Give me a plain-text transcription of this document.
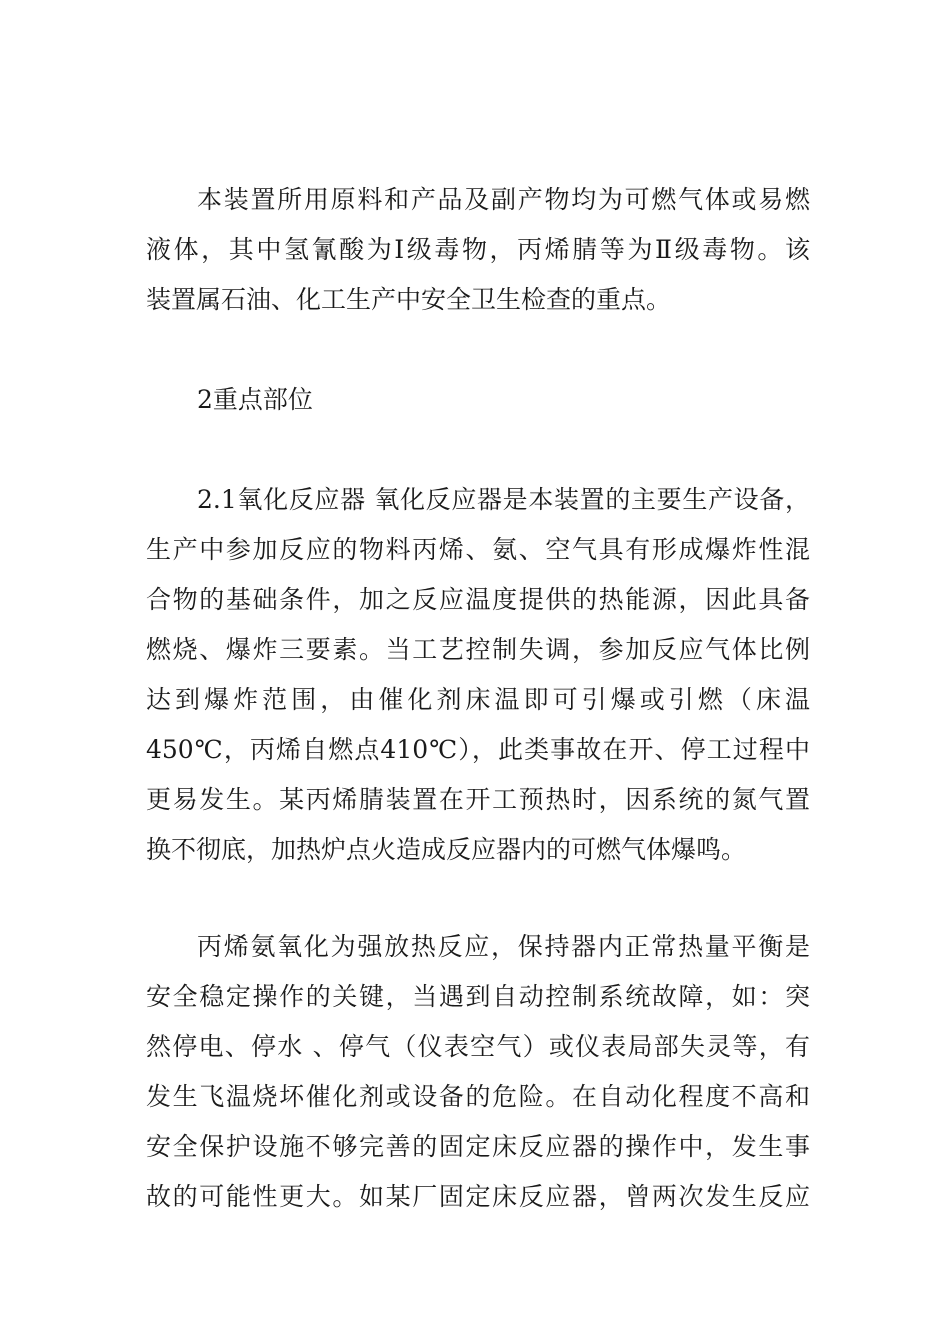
本装置所用原料和产品及副产物均为可燃气体或易燃
液体，其中氢氰酸为Ⅰ级毒物，丙烯腈等为Ⅱ级毒物。该
装置属石油、化工生产中安全卫生检查的重点。
2重点部位
2.1氧化反应器 氧化反应器是本装置的主要生产设备，
生产中参加反应的物料丙烯、氨、空气具有形成爆炸性混
合物的基础条件，加之反应温度提供的热能源，因此具备
燃烧、爆炸三要素。当工艺控制失调，参加反应气体比例
达到爆炸范围，由催化剂床温即可引爆或引燃（床温
450℃，丙烯自燃点410℃），此类事故在开、停工过程中
更易发生。某丙烯腈装置在开工预热时，因系统的氮气置
换不彻底，加热炉点火造成反应器内的可燃气体爆鸣。
丙烯氨氧化为强放热反应，保持器内正常热量平衡是
安全稳定操作的关键，当遇到自动控制系统故障，如：突
然停电、停水 、停气（仪表空气）或仪表局部失灵等，有
发生飞温烧坏催化剂或设备的危险。在自动化程度不高和
安全保护设施不够完善的固定床反应器的操作中，发生事
故的可能性更大。如某厂固定床反应器，曾两次发生反应
